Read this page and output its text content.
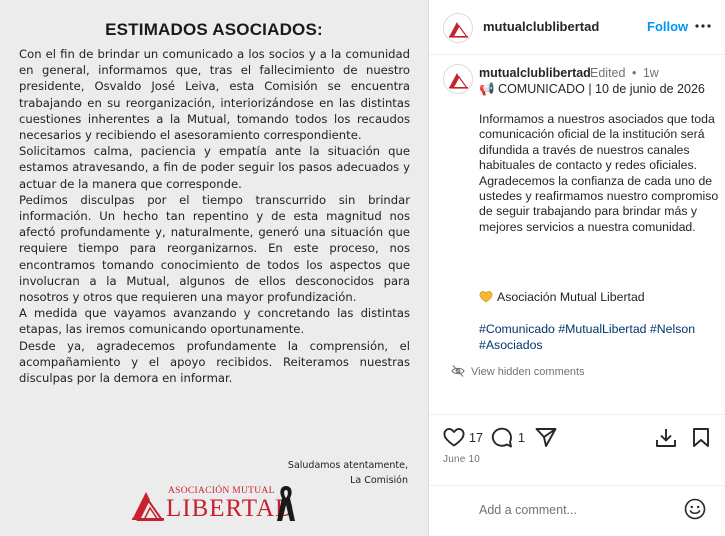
ESTIMADOS ASOCIADOS:

Con el fin de brindar un comunicado a los socios y a la comunidad en general, informamos que, tras el fallecimiento de nuestro presidente, Osvaldo José Leiva, esta Comisión se encuentra trabajando en su reorganización, interiorizándose en las distintas cuestiones inherentes a la Mutual, tomando todos los recaudos necesarios y recibiendo el asesoramiento correspondiente.

Solicitamos calma, paciencia y empatía ante la situación que estamos atravesando, a fin de poder seguir los pasos adecuados y actuar de la manera que corresponde.

Pedimos disculpas por el tiempo transcurrido sin brindar información. Un hecho tan repentino y de esta magnitud nos afectó profundamente y, naturalmente, generó una situación que requiere tiempo para reorganizarnos. En este proceso, nos encontramos tomando conocimiento de todos los aspectos que involucran a la Mutual, algunos de ellos desconocidos para nosotros y otros que requieren una mayor profundización.

A medida que vayamos avanzando y concretando las distintas etapas, las iremos comunicando oportunamente.

Desde ya, agradecemos profundamente la comprensión, el acompañamiento y el apoyo recibidos. Reiteramos nuestras disculpas por la demora en informar.

Saludamos atentamente,
La Comisión
ASOCIACIÓN MUTUAL
LIBERTAD
mutualclublibertad	Follow
mutualclublibertad Edited • 1w
📢 COMUNICADO | 10 de junio de 2026

Informamos a nuestros asociados que toda comunicación oficial de la institución será difundida a través de nuestros canales habituales de contacto y redes oficiales.

Agradecemos la confianza de cada uno de ustedes y reafirmamos nuestro compromiso de seguir trabajando para brindar más y mejores servicios a nuestra comunidad.

Asociación Mutual Libertad
#Comunicado #MutualLibertad #Nelson #Asociados
View hidden comments
17	1
June 10
Add a comment...
